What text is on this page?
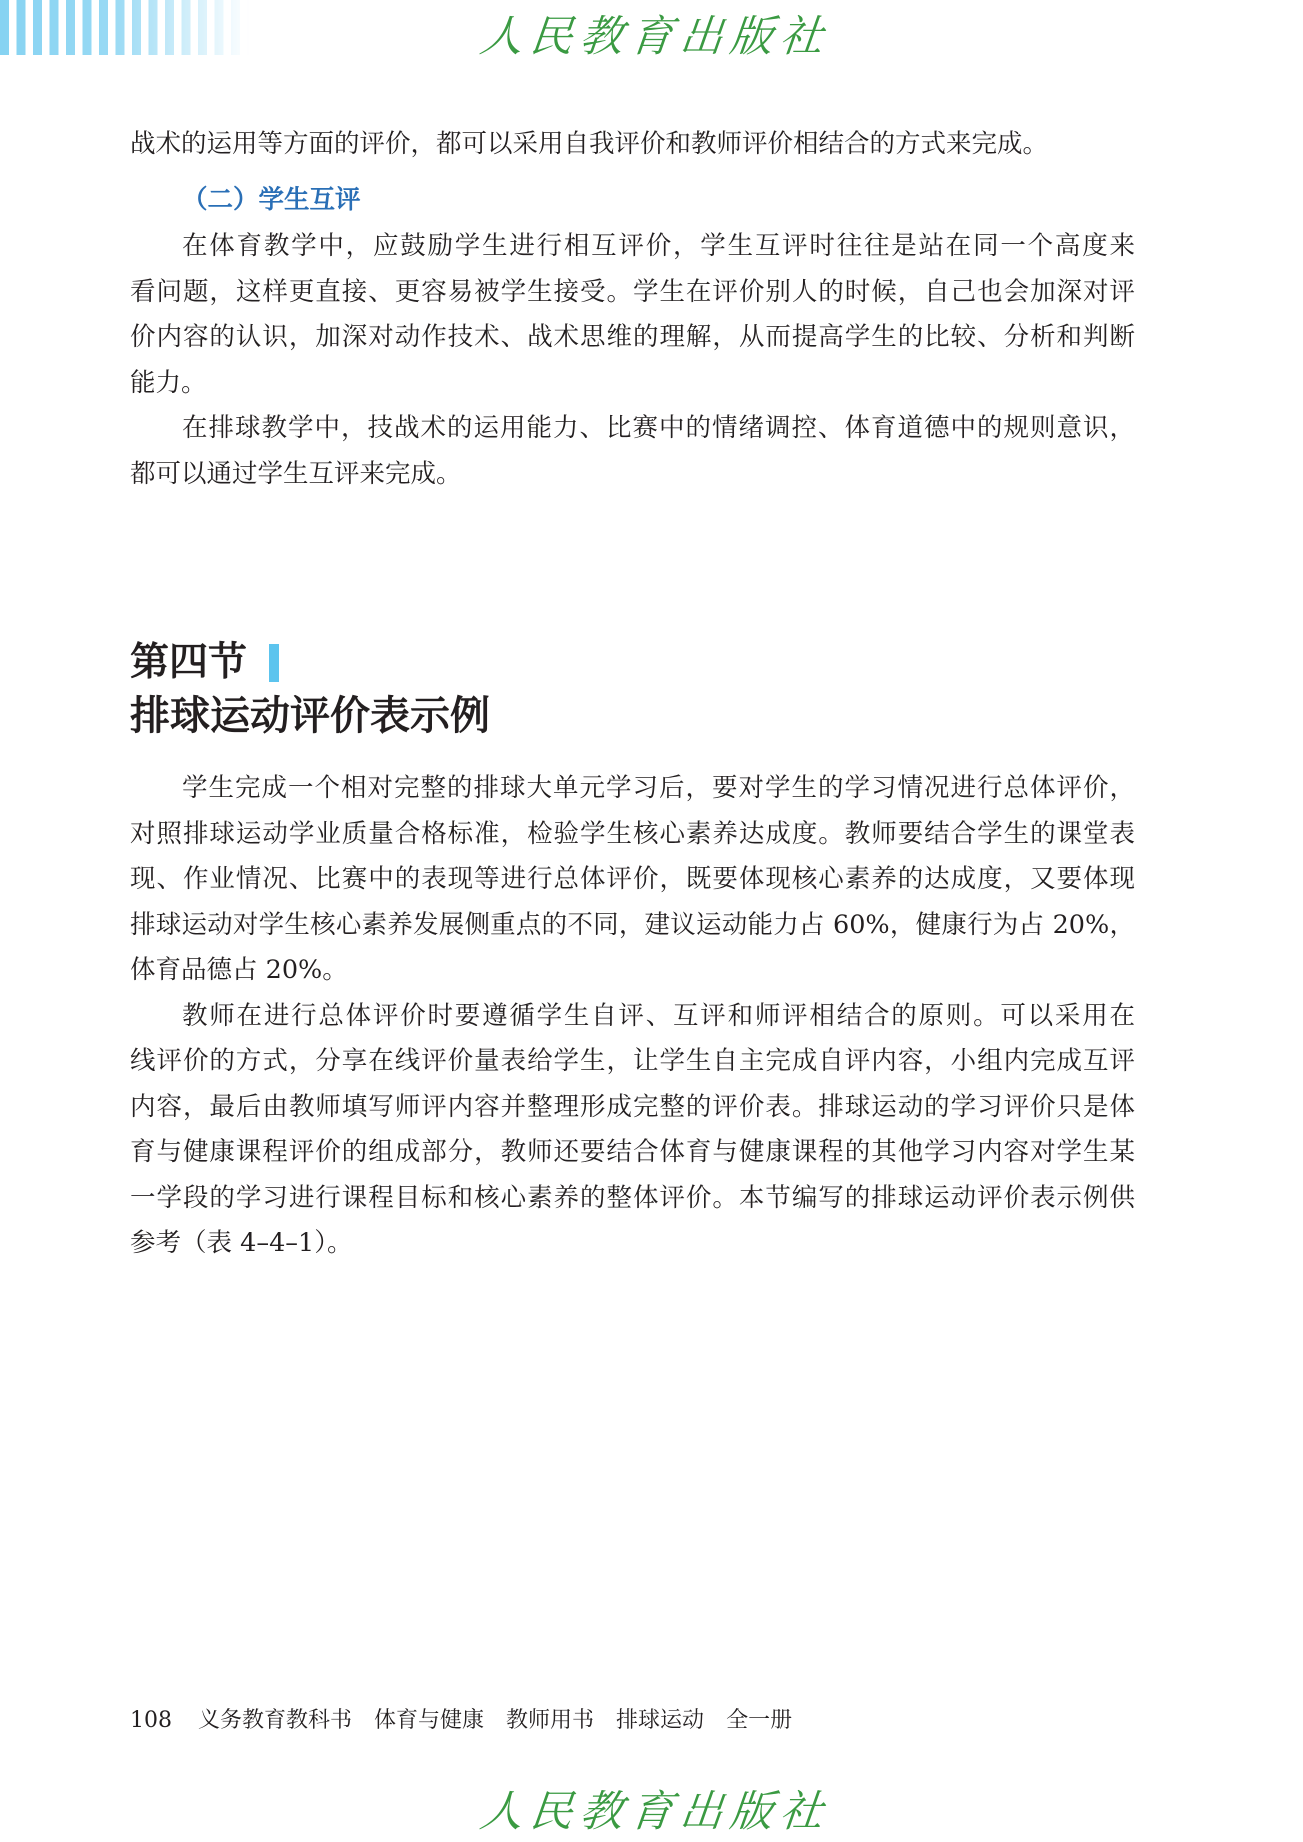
人民教育出版社
战术的运用等方面的评价，都可以采用自我评价和教师评价相结合的方式来完成。
（二）学生互评
在体育教学中，应鼓励学生进行相互评价，学生互评时往往是站在同一个高度来
看问题，这样更直接、更容易被学生接受。学生在评价别人的时候，自己也会加深对评
价内容的认识，加深对动作技术、战术思维的理解，从而提高学生的比较、分析和判断
能力。
在排球教学中，技战术的运用能力、比赛中的情绪调控、体育道德中的规则意识，
都可以通过学生互评来完成。
第四节
排球运动评价表示例
学生完成一个相对完整的排球大单元学习后，要对学生的学习情况进行总体评价，
对照排球运动学业质量合格标准，检验学生核心素养达成度。教师要结合学生的课堂表
现、作业情况、比赛中的表现等进行总体评价，既要体现核心素养的达成度，又要体现
排球运动对学生核心素养发展侧重点的不同，建议运动能力占 60%，健康行为占 20%，
体育品德占 20%。
教师在进行总体评价时要遵循学生自评、互评和师评相结合的原则。可以采用在
线评价的方式，分享在线评价量表给学生，让学生自主完成自评内容，小组内完成互评
内容，最后由教师填写师评内容并整理形成完整的评价表。排球运动的学习评价只是体
育与健康课程评价的组成部分，教师还要结合体育与健康课程的其他学习内容对学生某
一学段的学习进行课程目标和核心素养的整体评价。本节编写的排球运动评价表示例供
参考（表 4–4–1）。
108 义务教育教科书 体育与健康 教师用书 排球运动 全一册
人民教育出版社
